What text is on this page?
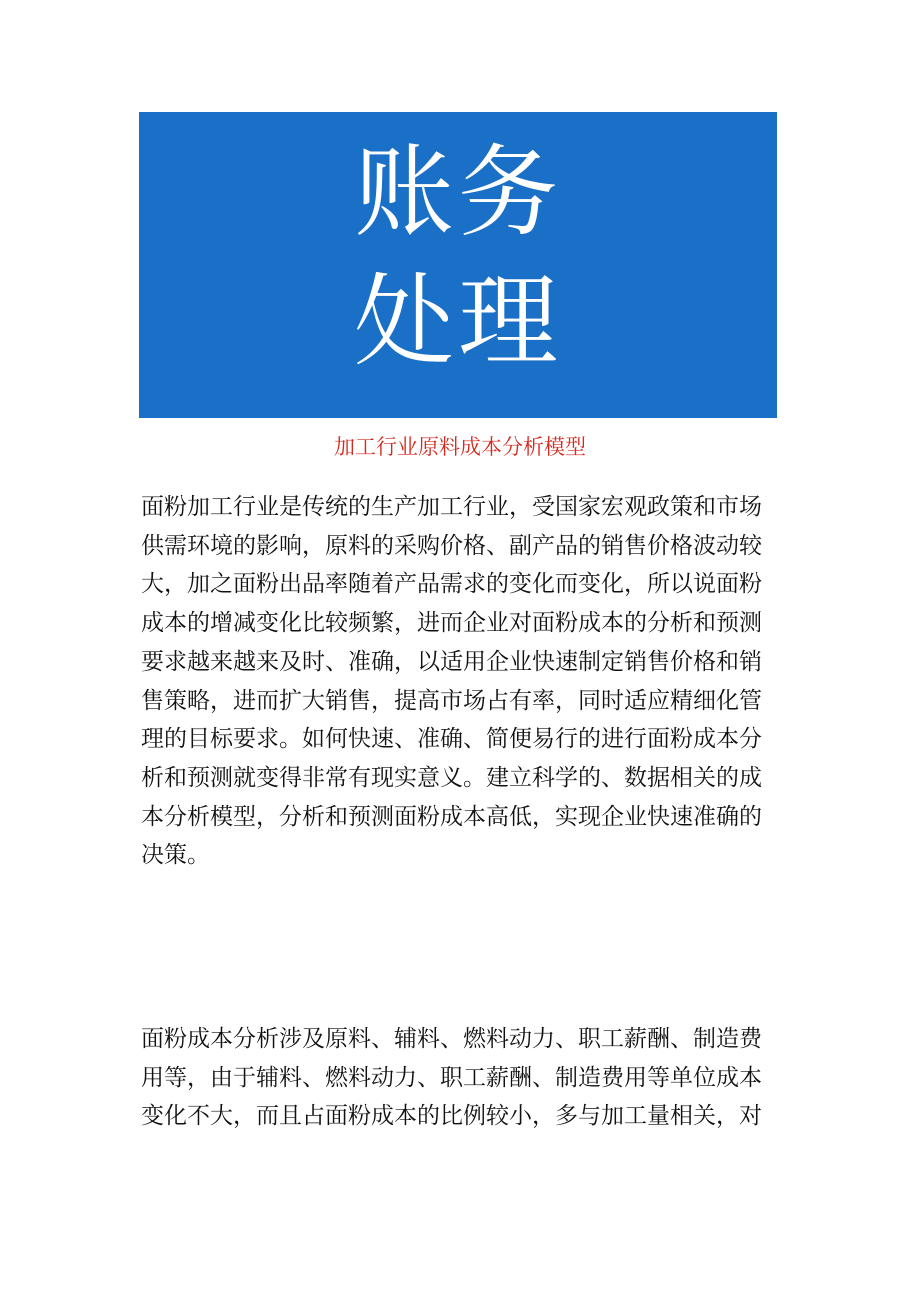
账务
处理
加工行业原料成本分析模型
面粉加工行业是传统的生产加工行业，受国家宏观政策和市场
供需环境的影响，原料的采购价格、副产品的销售价格波动较
大，加之面粉出品率随着产品需求的变化而变化，所以说面粉
成本的增减变化比较频繁，进而企业对面粉成本的分析和预测
要求越来越来及时、准确，以适用企业快速制定销售价格和销
售策略，进而扩大销售，提高市场占有率，同时适应精细化管
理的目标要求。如何快速、准确、简便易行的进行面粉成本分
析和预测就变得非常有现实意义。建立科学的、数据相关的成
本分析模型，分析和预测面粉成本高低，实现企业快速准确的
决策。
面粉成本分析涉及原料、辅料、燃料动力、职工薪酬、制造费
用等，由于辅料、燃料动力、职工薪酬、制造费用等单位成本
变化不大，而且占面粉成本的比例较小，多与加工量相关，对
